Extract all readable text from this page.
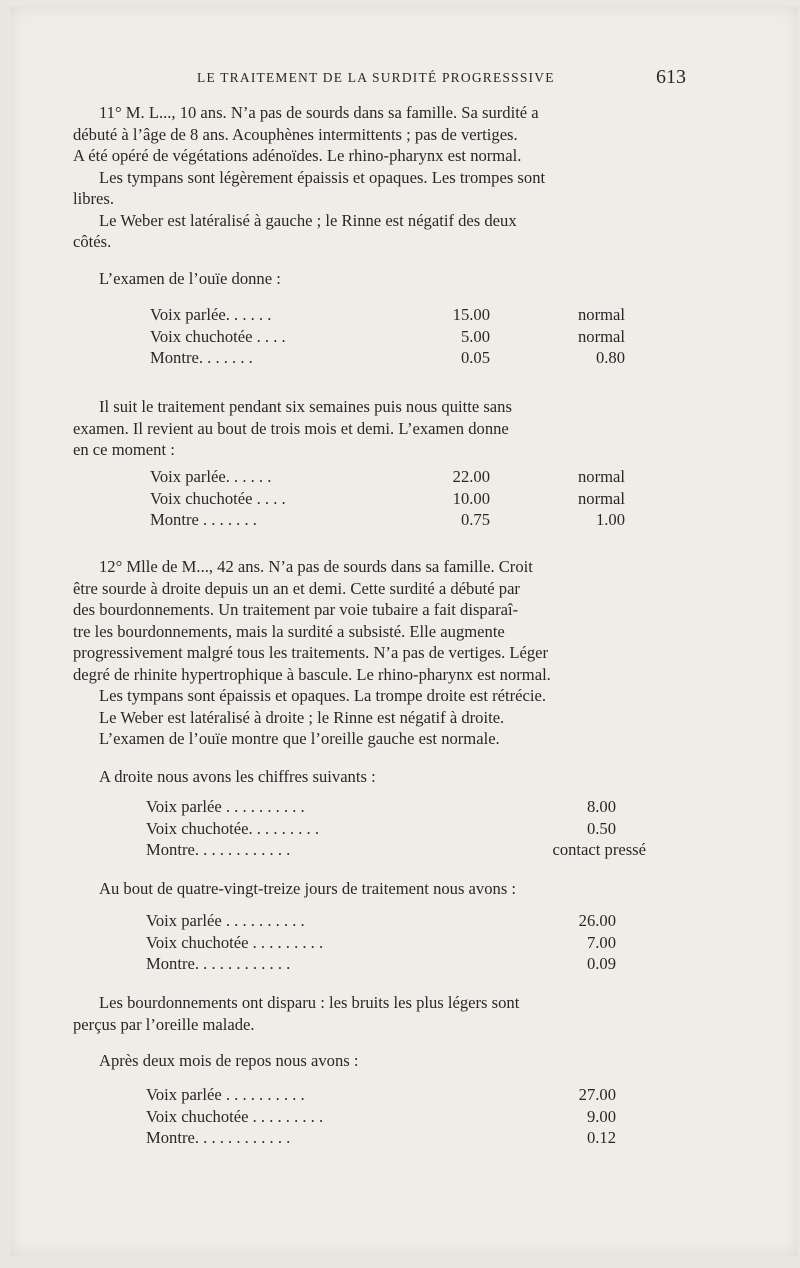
LE TRAITEMENT DE LA SURDITÉ PROGRESSSIVE	613
11° M. L..., 10 ans. N’a pas de sourds dans sa famille. Sa surdité a
débuté à l’âge de 8 ans. Acouphènes intermittents ; pas de vertiges.
A été opéré de végétations adénoïdes. Le rhino-pharynx est normal.
Les tympans sont légèrement épaissis et opaques. Les trompes sont
libres.
Le Weber est latéralisé à gauche ; le Rinne est négatif des deux
côtés.
L’examen de l’ouïe donne :
Voix parlée. . . . . .	15.00	normal
Voix chuchotée . . . .	5.00	normal
Montre. . . . . . .	0.05	0.80
Il suit le traitement pendant six semaines puis nous quitte sans
examen. Il revient au bout de trois mois et demi. L’examen donne
en ce moment :
Voix parlée. . . . . .	22.00	normal
Voix chuchotée . . . .	10.00	normal
Montre . . . . . . .	0.75	1.00
12° Mlle de M..., 42 ans. N’a pas de sourds dans sa famille. Croit
être sourde à droite depuis un an et demi. Cette surdité a débuté par
des bourdonnements. Un traitement par voie tubaire a fait disparaî-
tre les bourdonnements, mais la surdité a subsisté. Elle augmente
progressivement malgré tous les traitements. N’a pas de vertiges. Léger
degré de rhinite hypertrophique à bascule. Le rhino-pharynx est normal.
Les tympans sont épaissis et opaques. La trompe droite est rétrécie.
Le Weber est latéralisé à droite ; le Rinne est négatif à droite.
L’examen de l’ouïe montre que l’oreille gauche est normale.
A droite nous avons les chiffres suivants :
Voix parlée . . . . . . . . . .	8.00
Voix chuchotée. . . . . . . . .	0.50
Montre. . . . . . . . . . . .	contact pressé
Au bout de quatre-vingt-treize jours de traitement nous avons :
Voix parlée . . . . . . . . . .	26.00
Voix chuchotée . . . . . . . . .	7.00
Montre. . . . . . . . . . . .	0.09
Les bourdonnements ont disparu : les bruits les plus légers sont
perçus par l’oreille malade.
Après deux mois de repos nous avons :
Voix parlée . . . . . . . . . .	27.00
Voix chuchotée . . . . . . . . .	9.00
Montre. . . . . . . . . . . .	0.12
